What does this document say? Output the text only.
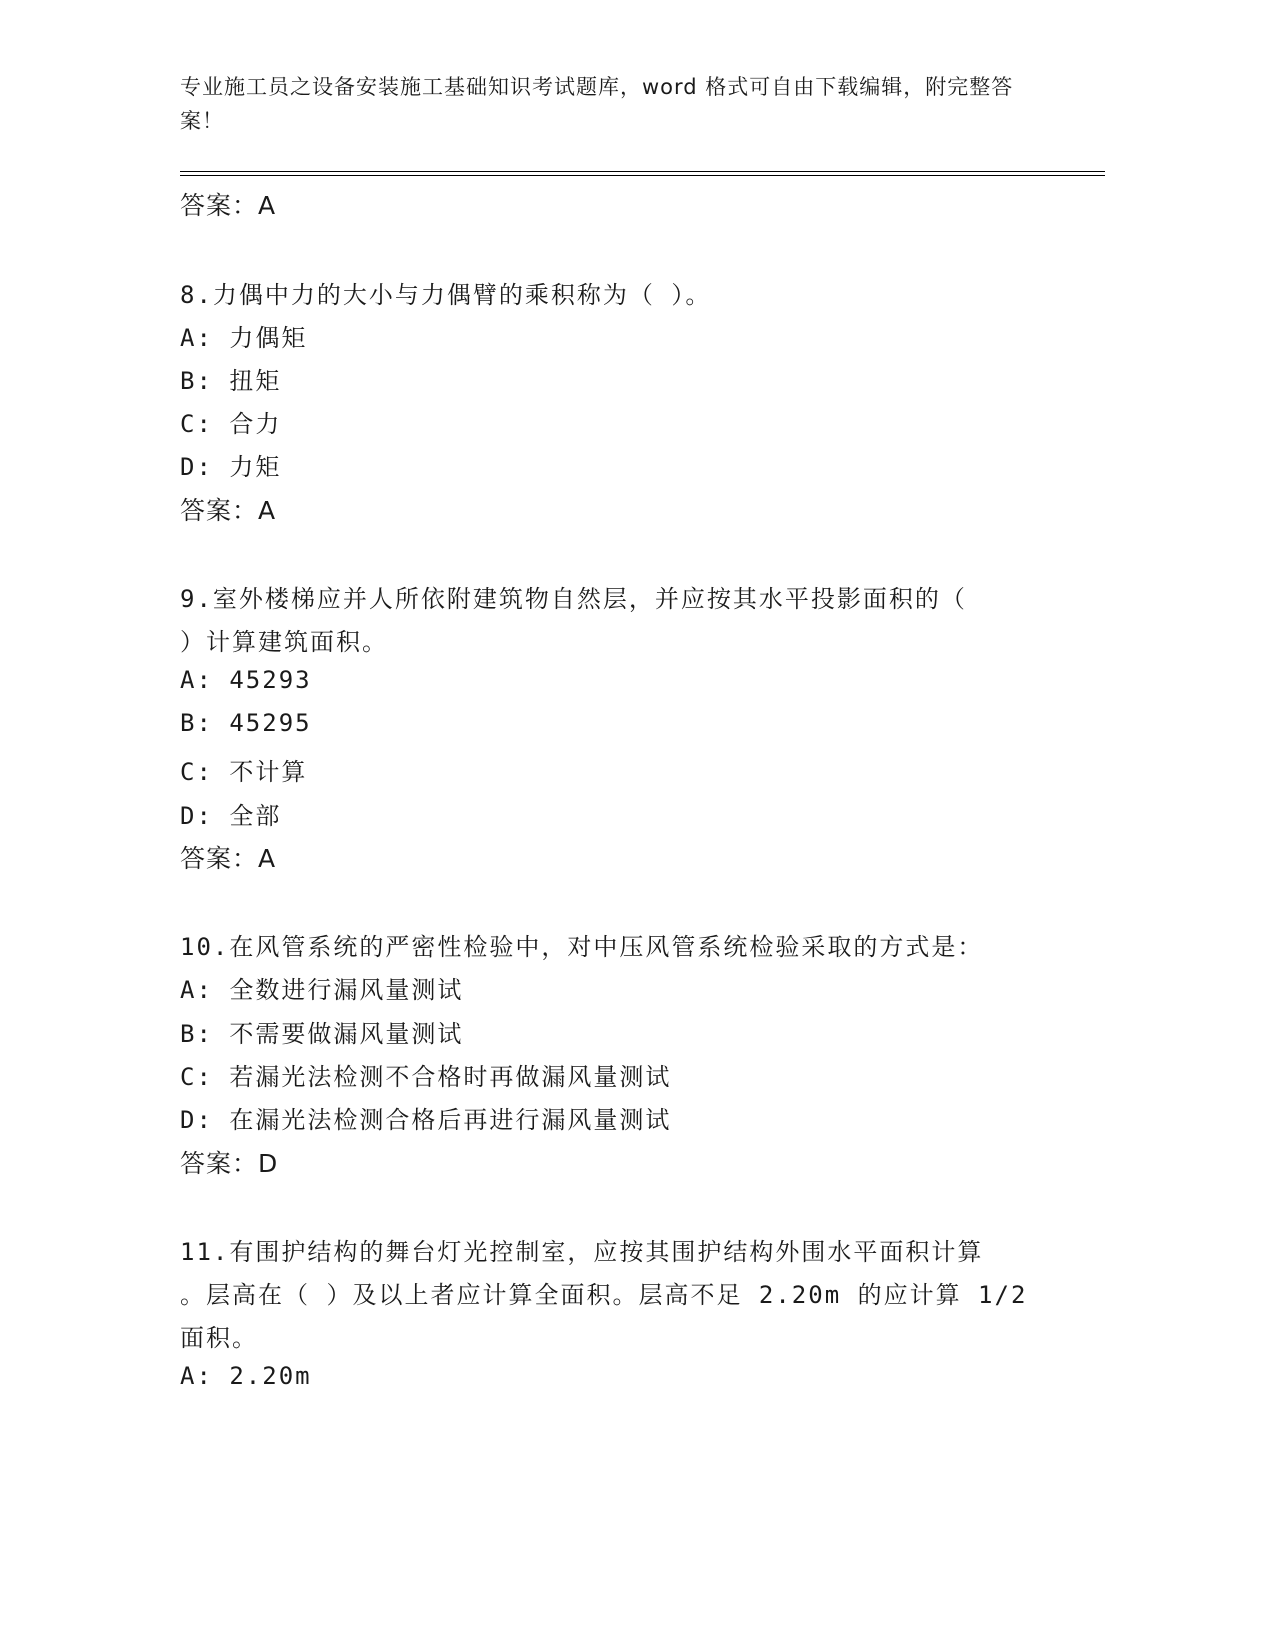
专业施工员之设备安装施工基础知识考试题库，word 格式可自由下载编辑，附完整答案！
答案：A
8.力偶中力的大小与力偶臂的乘积称为（ ）。
A: 力偶矩
B: 扭矩
C: 合力
D: 力矩
答案：A
9.室外楼梯应并人所依附建筑物自然层，并应按其水平投影面积的（
）计算建筑面积。
A: 45293
B: 45295
C: 不计算
D: 全部
答案：A
10.在风管系统的严密性检验中，对中压风管系统检验采取的方式是：
A: 全数进行漏风量测试
B: 不需要做漏风量测试
C: 若漏光法检测不合格时再做漏风量测试
D: 在漏光法检测合格后再进行漏风量测试
答案：D
11.有围护结构的舞台灯光控制室，应按其围护结构外围水平面积计算
。层高在（ ）及以上者应计算全面积。层高不足 2.20m 的应计算 1/2
面积。
A: 2.20m
